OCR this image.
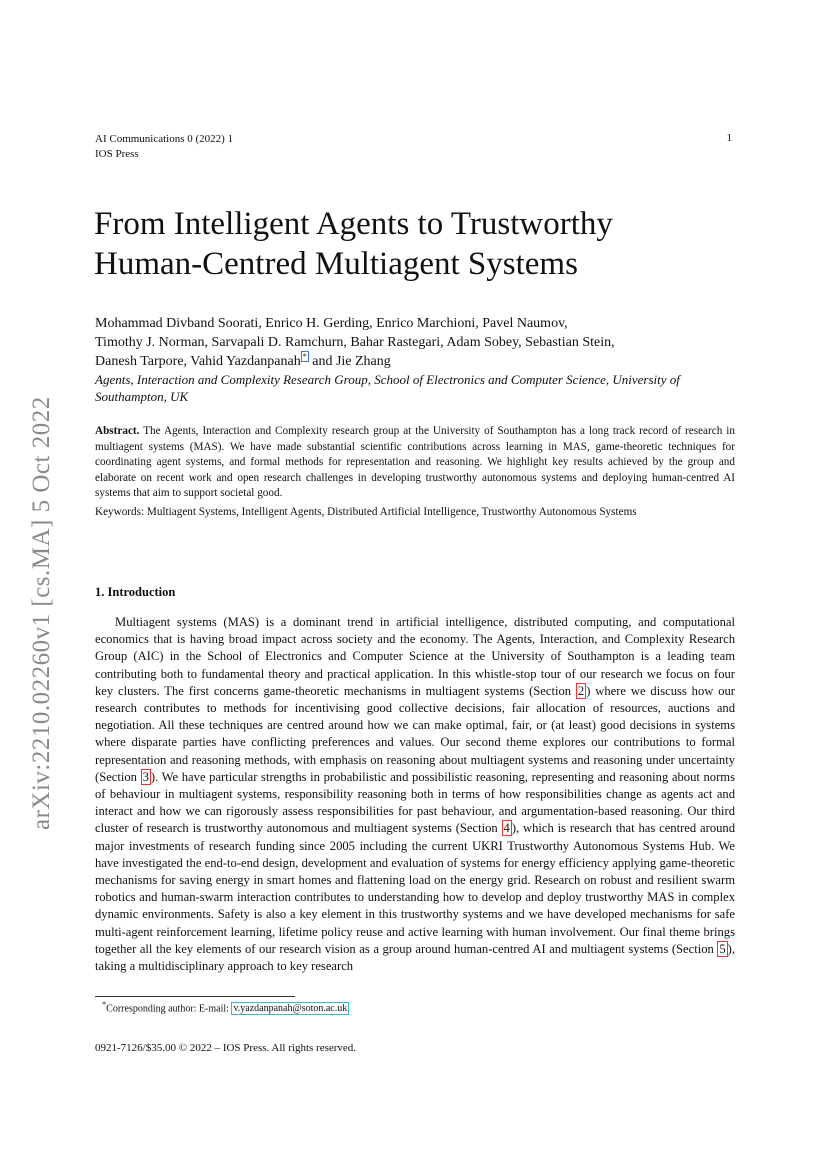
AI Communications 0 (2022) 1
IOS Press
1
From Intelligent Agents to Trustworthy
Human-Centred Multiagent Systems
Mohammad Divband Soorati, Enrico H. Gerding, Enrico Marchioni, Pavel Naumov,
Timothy J. Norman, Sarvapali D. Ramchurn, Bahar Rastegari, Adam Sobey, Sebastian Stein,
Danesh Tarpore, Vahid Yazdanpanah * and Jie Zhang
Agents, Interaction and Complexity Research Group, School of Electronics and Computer Science, University of Southampton, UK
Abstract. The Agents, Interaction and Complexity research group at the University of Southampton has a long track record of research in multiagent systems (MAS). We have made substantial scientific contributions across learning in MAS, game-theoretic techniques for coordinating agent systems, and formal methods for representation and reasoning. We highlight key results achieved by the group and elaborate on recent work and open research challenges in developing trustworthy autonomous systems and deploying human-centred AI systems that aim to support societal good.
Keywords: Multiagent Systems, Intelligent Agents, Distributed Artificial Intelligence, Trustworthy Autonomous Systems
1. Introduction

Multiagent systems (MAS) is a dominant trend in artificial intelligence, distributed computing, and computational economics that is having broad impact across society and the economy. The Agents, Interaction, and Complexity Research Group (AIC) in the School of Electronics and Computer Science at the University of Southampton is a leading team contributing both to fundamental theory and practical application. In this whistle-stop tour of our research we focus on four key clusters. The first concerns game-theoretic mechanisms in multiagent systems (Section 2 ) where we discuss how our research contributes to methods for incentivising good collective decisions, fair allocation of resources, auctions and negotiation. All these techniques are centred around how we can make optimal, fair, or (at least) good decisions in systems where disparate parties have conflicting preferences and values. Our second theme explores our contributions to formal representation and reasoning methods, with emphasis on reasoning about multiagent systems and reasoning under uncertainty (Section 3 ). We have particular strengths in probabilistic and possibilistic reasoning, representing and reasoning about norms of behaviour in multiagent systems, responsibility reasoning both in terms of how responsibilities change as agents act and interact and how we can rigorously assess responsibilities for past behaviour, and argumentation-based reasoning. Our third cluster of research is trustworthy autonomous and multiagent systems (Section 4 ), which is research that has centred around major investments of research funding since 2005 including the current UKRI Trustworthy Autonomous Systems Hub. We have investigated the end-to-end design, development and evaluation of systems for energy efficiency applying game-theoretic mechanisms for saving energy in smart homes and flattening load on the energy grid. Research on robust and resilient swarm robotics and human-swarm interaction contributes to understanding how to develop and deploy trustworthy MAS in complex dynamic environments. Safety is also a key element in this trustworthy systems and we have developed mechanisms for safe multi-agent reinforcement learning, lifetime policy reuse and active learning with human involvement. Our final theme brings together all the key elements of our research vision as a group around human-centred AI and multiagent systems (Section 5 ), taking a multidisciplinary approach to key research

*Corresponding author: E-mail: v.yazdanpanah@soton.ac.uk
0921-7126/$35.00 © 2022 – IOS Press. All rights reserved.
arXiv:2210.02260v1 [cs.MA] 5 Oct 2022
